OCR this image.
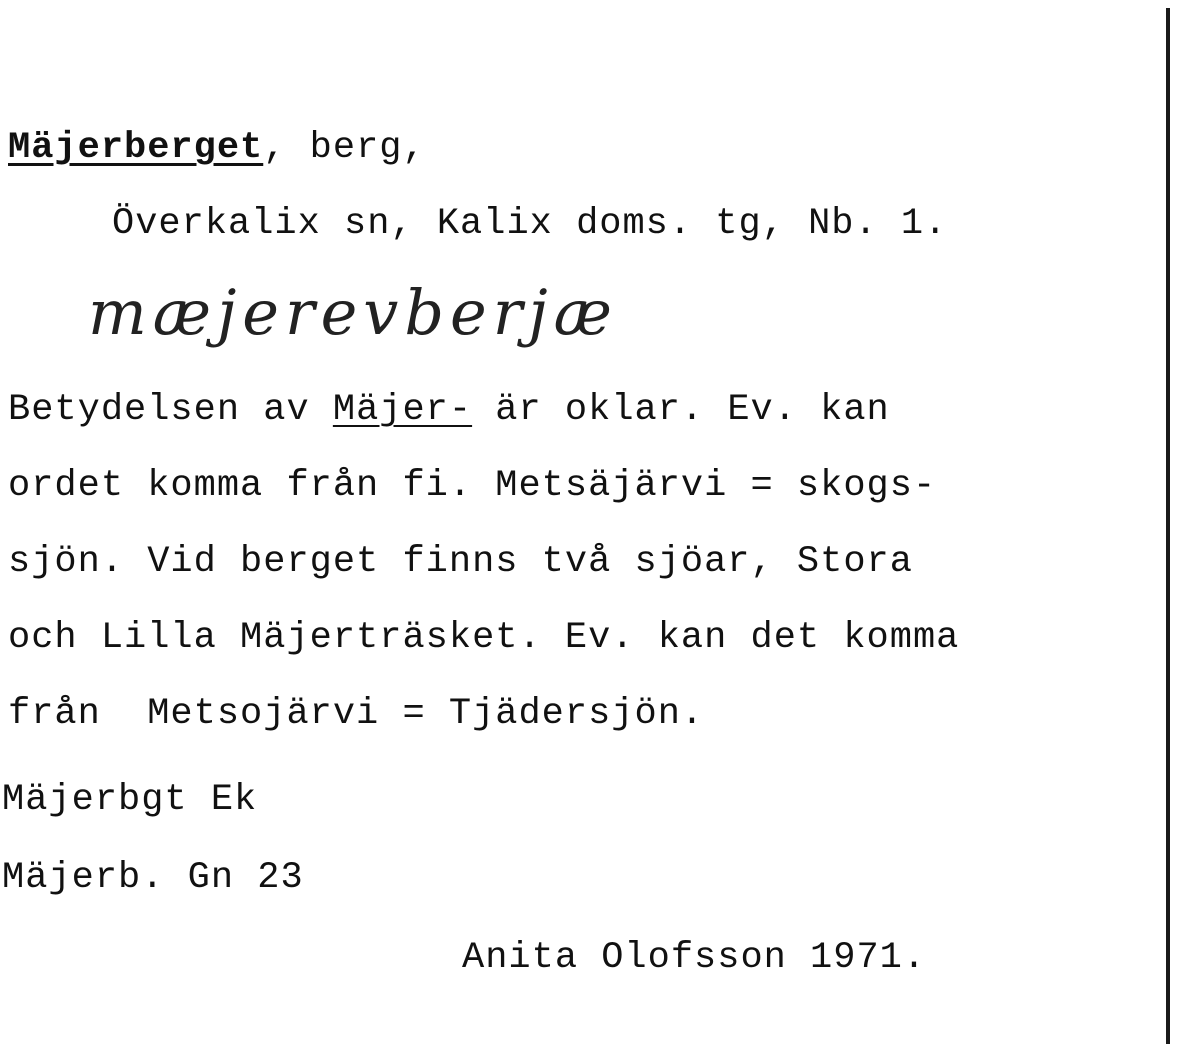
Mäjerberget, berg,
Överkalix sn, Kalix doms. tg, Nb. 1.
mæjerevberjæ
Betydelsen av Mäjer- är oklar. Ev. kan
ordet komma från fi. Metsäjärvi = skogs-
sjön. Vid berget finns två sjöar, Stora
och Lilla Mäjerträsket. Ev. kan det komma
från  Metsojärvi = Tjädersjön.
Mäjerbgt Ek
Mäjerb. Gn 23
Anita Olofsson 1971.
